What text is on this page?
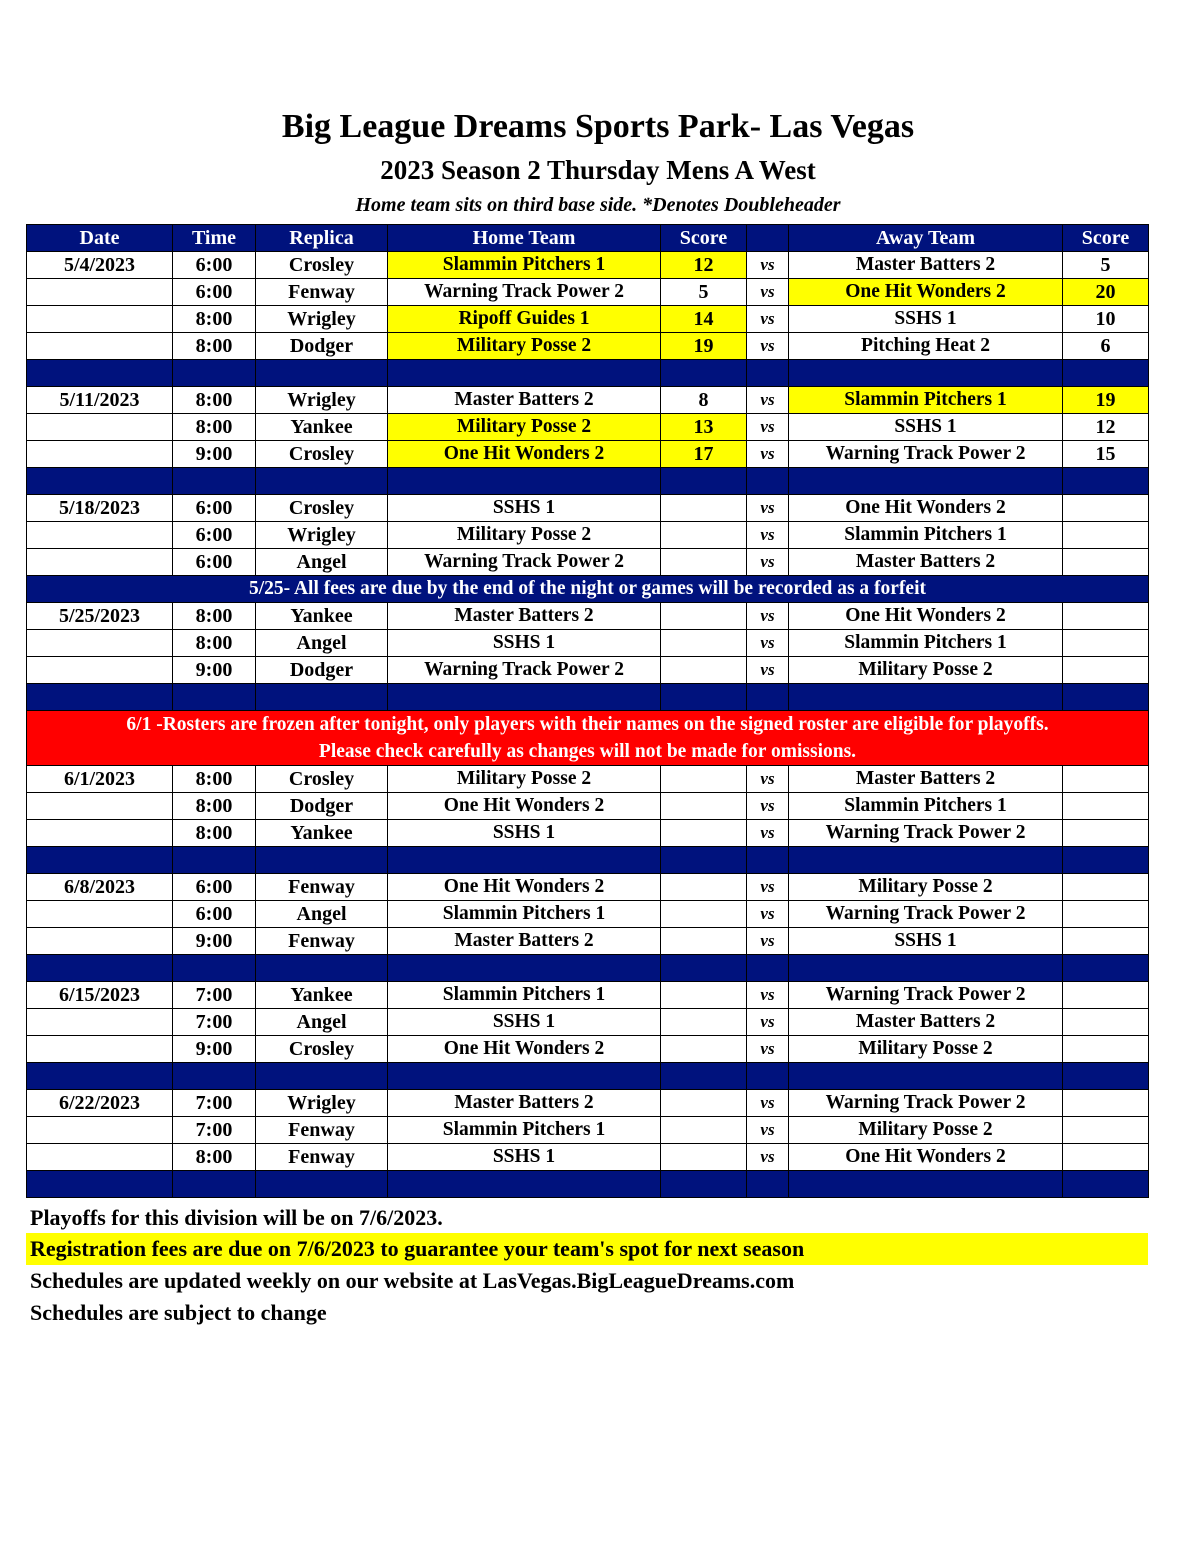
Big League Dreams Sports Park- Las Vegas
2023 Season 2 Thursday Mens A West
Home team sits on third base side. *Denotes Doubleheader
Date	Time	Replica	Home Team	Score		Away Team	Score
5/4/2023	6:00	Crosley	Slammin Pitchers 1	12	vs	Master Batters 2	5
	6:00	Fenway	Warning Track Power 2	5	vs	One Hit Wonders 2	20
	8:00	Wrigley	Ripoff Guides 1	14	vs	SSHS 1	10
	8:00	Dodger	Military Posse 2	19	vs	Pitching Heat 2	6

5/11/2023	8:00	Wrigley	Master Batters 2	8	vs	Slammin Pitchers 1	19
	8:00	Yankee	Military Posse 2	13	vs	SSHS 1	12
	9:00	Crosley	One Hit Wonders 2	17	vs	Warning Track Power 2	15

5/18/2023	6:00	Crosley	SSHS 1		vs	One Hit Wonders 2	
	6:00	Wrigley	Military Posse 2		vs	Slammin Pitchers 1	
	6:00	Angel	Warning Track Power 2		vs	Master Batters 2	
5/25- All fees are due by the end of the night or games will be recorded as a forfeit							
5/25/2023	8:00	Yankee	Master Batters 2		vs	One Hit Wonders 2	
	8:00	Angel	SSHS 1		vs	Slammin Pitchers 1	
	9:00	Dodger	Warning Track Power 2		vs	Military Posse 2	

6/1 -Rosters are frozen after tonight, only players with their names on the signed roster are eligible for playoffs.
Please check carefully as changes will not be made for omissions.							

6/1/2023	8:00	Crosley	Military Posse 2		vs	Master Batters 2	
	8:00	Dodger	One Hit Wonders 2		vs	Slammin Pitchers 1	
	8:00	Yankee	SSHS 1		vs	Warning Track Power 2	

6/8/2023	6:00	Fenway	One Hit Wonders 2		vs	Military Posse 2	
	6:00	Angel	Slammin Pitchers 1		vs	Warning Track Power 2	
	9:00	Fenway	Master Batters 2		vs	SSHS 1	

6/15/2023	7:00	Yankee	Slammin Pitchers 1		vs	Warning Track Power 2	
	7:00	Angel	SSHS 1		vs	Master Batters 2	
	9:00	Crosley	One Hit Wonders 2		vs	Military Posse 2	

6/22/2023	7:00	Wrigley	Master Batters 2		vs	Warning Track Power 2	
	7:00	Fenway	Slammin Pitchers 1		vs	Military Posse 2	
	8:00	Fenway	SSHS 1		vs	One Hit Wonders 2	

Playoffs for this division will be on 7/6/2023.
Registration fees are due on 7/6/2023 to guarantee your team's spot for next season
Schedules are updated weekly on our website at LasVegas.BigLeagueDreams.com
Schedules are subject to change
